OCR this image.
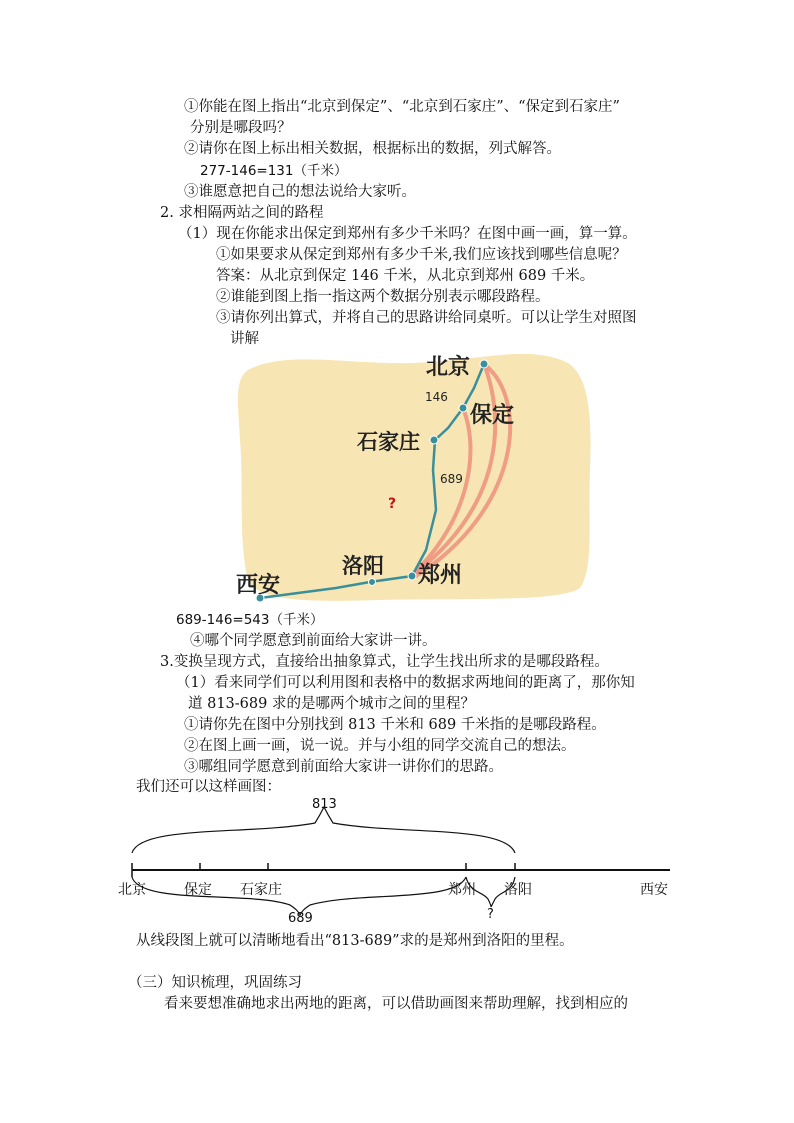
①你能在图上指出“北京到保定”、“北京到石家庄”、“保定到石家庄”
分别是哪段吗？
②请你在图上标出相关数据，根据标出的数据，列式解答。
277-146=131（千米）
③谁愿意把自己的想法说给大家听。
2. 求相隔两站之间的路程
（1）现在你能求出保定到郑州有多少千米吗？在图中画一画，算一算。
①如果要求从保定到郑州有多少千米,我们应该找到哪些信息呢？
答案：从北京到保定 146 千米，从北京到郑州 689 千米。
②谁能到图上指一指这两个数据分别表示哪段路程。
③请你列出算式，并将自己的思路讲给同桌听。可以让学生对照图
讲解
北京
146
保定
石家庄
689
?
洛阳 郑州
西安
689-146=543（千米）
④哪个同学愿意到前面给大家讲一讲。
3.变换呈现方式，直接给出抽象算式，让学生找出所求的是哪段路程。
（1）看来同学们可以利用图和表格中的数据求两地间的距离了，那你知
道 813-689 求的是哪两个城市之间的里程？
①请你先在图中分别找到 813 千米和 689 千米指的是哪段路程。
②在图上画一画，说一说。并与小组的同学交流自己的想法。
③哪组同学愿意到前面给大家讲一讲你们的思路。
我们还可以这样画图：
813
北京	保定 石家庄	郑州 洛阳	西安
689	?
从线段图上就可以清晰地看出“813-689”求的是郑州到洛阳的里程。
（三）知识梳理，巩固练习
看来要想准确地求出两地的距离，可以借助画图来帮助理解，找到相应的
